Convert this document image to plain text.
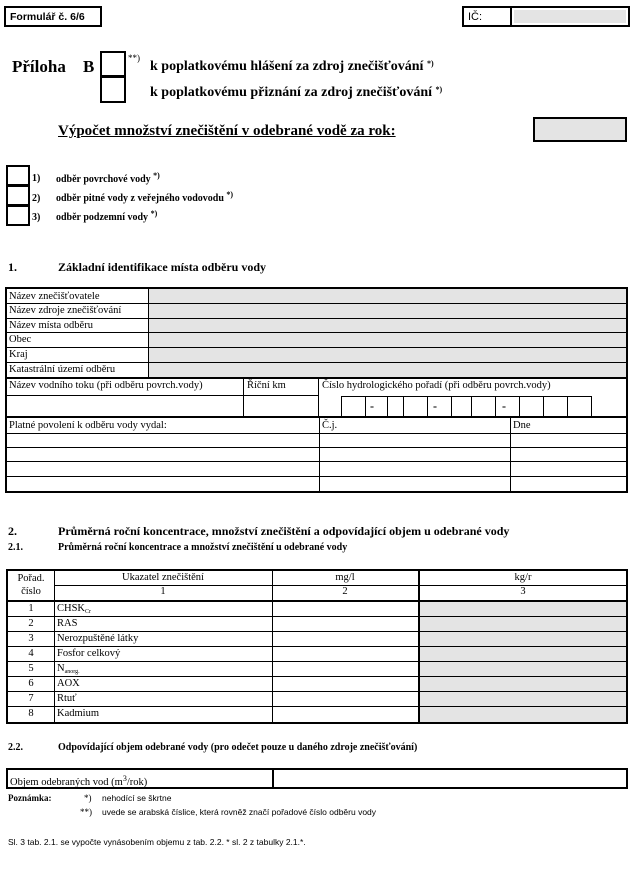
Formulář č. 6/6	IČ:
Příloha B	**)
k poplatkovému hlášení za zdroj znečišťování *)
k poplatkovému přiznání za zdroj znečišťování *)
Výpočet množství znečištění v odebrané vodě za rok:
1) odběr povrchové vody *)
2) odběr pitné vody z veřejného vodovodu *)
3) odběr podzemní vody *)
1.	Základní identifikace místa odběru vody
Název znečišťovatele
Název zdroje znečišťování
Název místa odběru
Obec
Kraj
Katastrální území odběru
Název vodního toku (při odběru povrch.vody)	Říční km	Číslo hydrologického pořadí (při odběru povrch.vody)
-	-	-
Platné povolení k odběru vody vydal:	Č.j.	Dne
2.	Průměrná roční koncentrace, množství znečištění a odpovídající objem u odebrané vody
2.1.	Průměrná roční koncentrace a množství znečištění u odebrané vody
Pořad.
číslo
Ukazatel znečištění	mg/l	kg/r
1	2	3
1	$CHSK_{Cr}$
2	RAS
3	Nerozpuštěné látky
4	Fosfor celkový
5	$N_{anorg.}$
6	AOX
7	Rtuť
8	Kadmium
2.2.	Odpovídající objem odebrané vody (pro odečet pouze u daného zdroje znečišťování)
Objem odebraných vod $(m^3/rok)$
Poznámka:	*) nehodící se škrtne
**) uvede se arabská číslice, která rovněž značí pořadové číslo odběru vody
Sl. 3 tab. 2.1. se vypočte vynásobením objemu z tab. 2.2. * sl. 2 z tabulky 2.1.*.
